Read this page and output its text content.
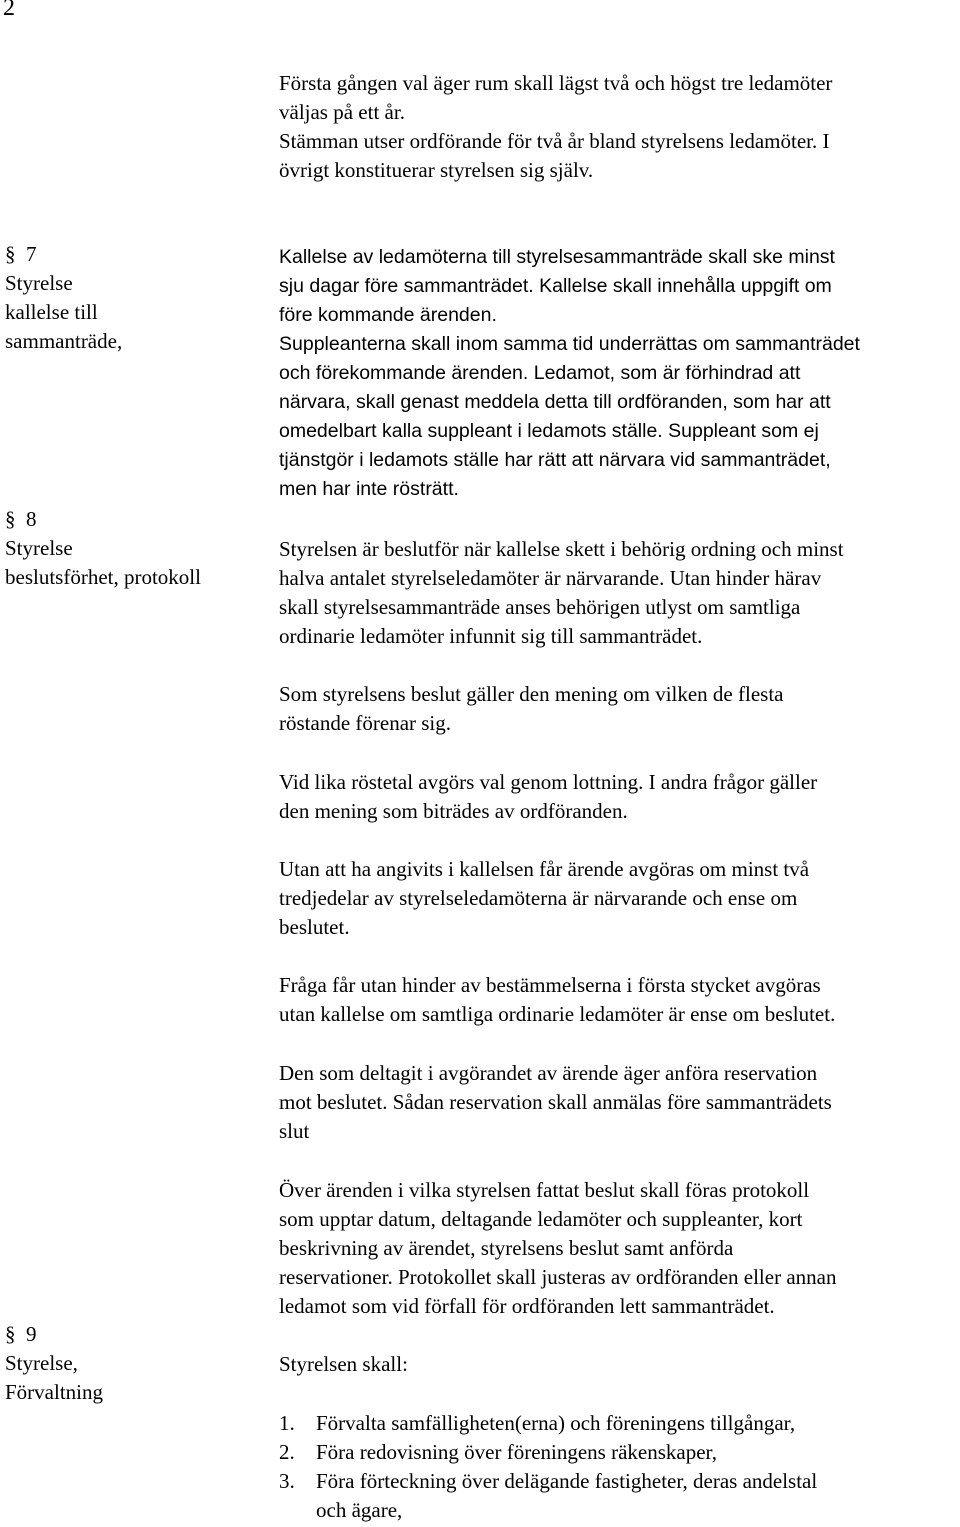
2
§ 7
Styrelse
kallelse till
sammanträde,
§ 8
Styrelse
beslutsförhet, protokoll
§ 9
Styrelse,
Förvaltning
Första gången val äger rum skall lägst två och högst tre ledamöter
väljas på ett år.
Stämman utser ordförande för två år bland styrelsens ledamöter. I
övrigt konstituerar styrelsen sig själv.
Kallelse av ledamöterna till styrelsesammanträde skall ske minst
sju dagar före sammanträdet. Kallelse skall innehålla uppgift om
före kommande ärenden.
Suppleanterna skall inom samma tid underrättas om sammanträdet
och förekommande ärenden. Ledamot, som är förhindrad att
närvara, skall genast meddela detta till ordföranden, som har att
omedelbart kalla suppleant i ledamots ställe. Suppleant som ej
tjänstgör i ledamots ställe har rätt att närvara vid sammanträdet,
men har inte rösträtt.
Styrelsen är beslutför när kallelse skett i behörig ordning och minst
halva antalet styrelseledamöter är närvarande. Utan hinder härav
skall styrelsesammanträde anses behörigen utlyst om samtliga
ordinarie ledamöter infunnit sig till sammanträdet.
Som styrelsens beslut gäller den mening om vilken de flesta
röstande förenar sig.
Vid lika röstetal avgörs val genom lottning. I andra frågor gäller
den mening som biträdes av ordföranden.
Utan att ha angivits i kallelsen får ärende avgöras om minst två
tredjedelar av styrelseledamöterna är närvarande och ense om
beslutet.
Fråga får utan hinder av bestämmelserna i första stycket avgöras
utan kallelse om samtliga ordinarie ledamöter är ense om beslutet.
Den som deltagit i avgörandet av ärende äger anföra reservation
mot beslutet. Sådan reservation skall anmälas före sammanträdets
slut
Över ärenden i vilka styrelsen fattat beslut skall föras protokoll
som upptar datum, deltagande ledamöter och suppleanter, kort
beskrivning av ärendet, styrelsens beslut samt anförda
reservationer. Protokollet skall justeras av ordföranden eller annan
ledamot som vid förfall för ordföranden lett sammanträdet.
Styrelsen skall:
1. Förvalta samfälligheten(erna) och föreningens tillgångar,
2. Föra redovisning över föreningens räkenskaper,
3. Föra förteckning över delägande fastigheter, deras andelstal
och ägare,
